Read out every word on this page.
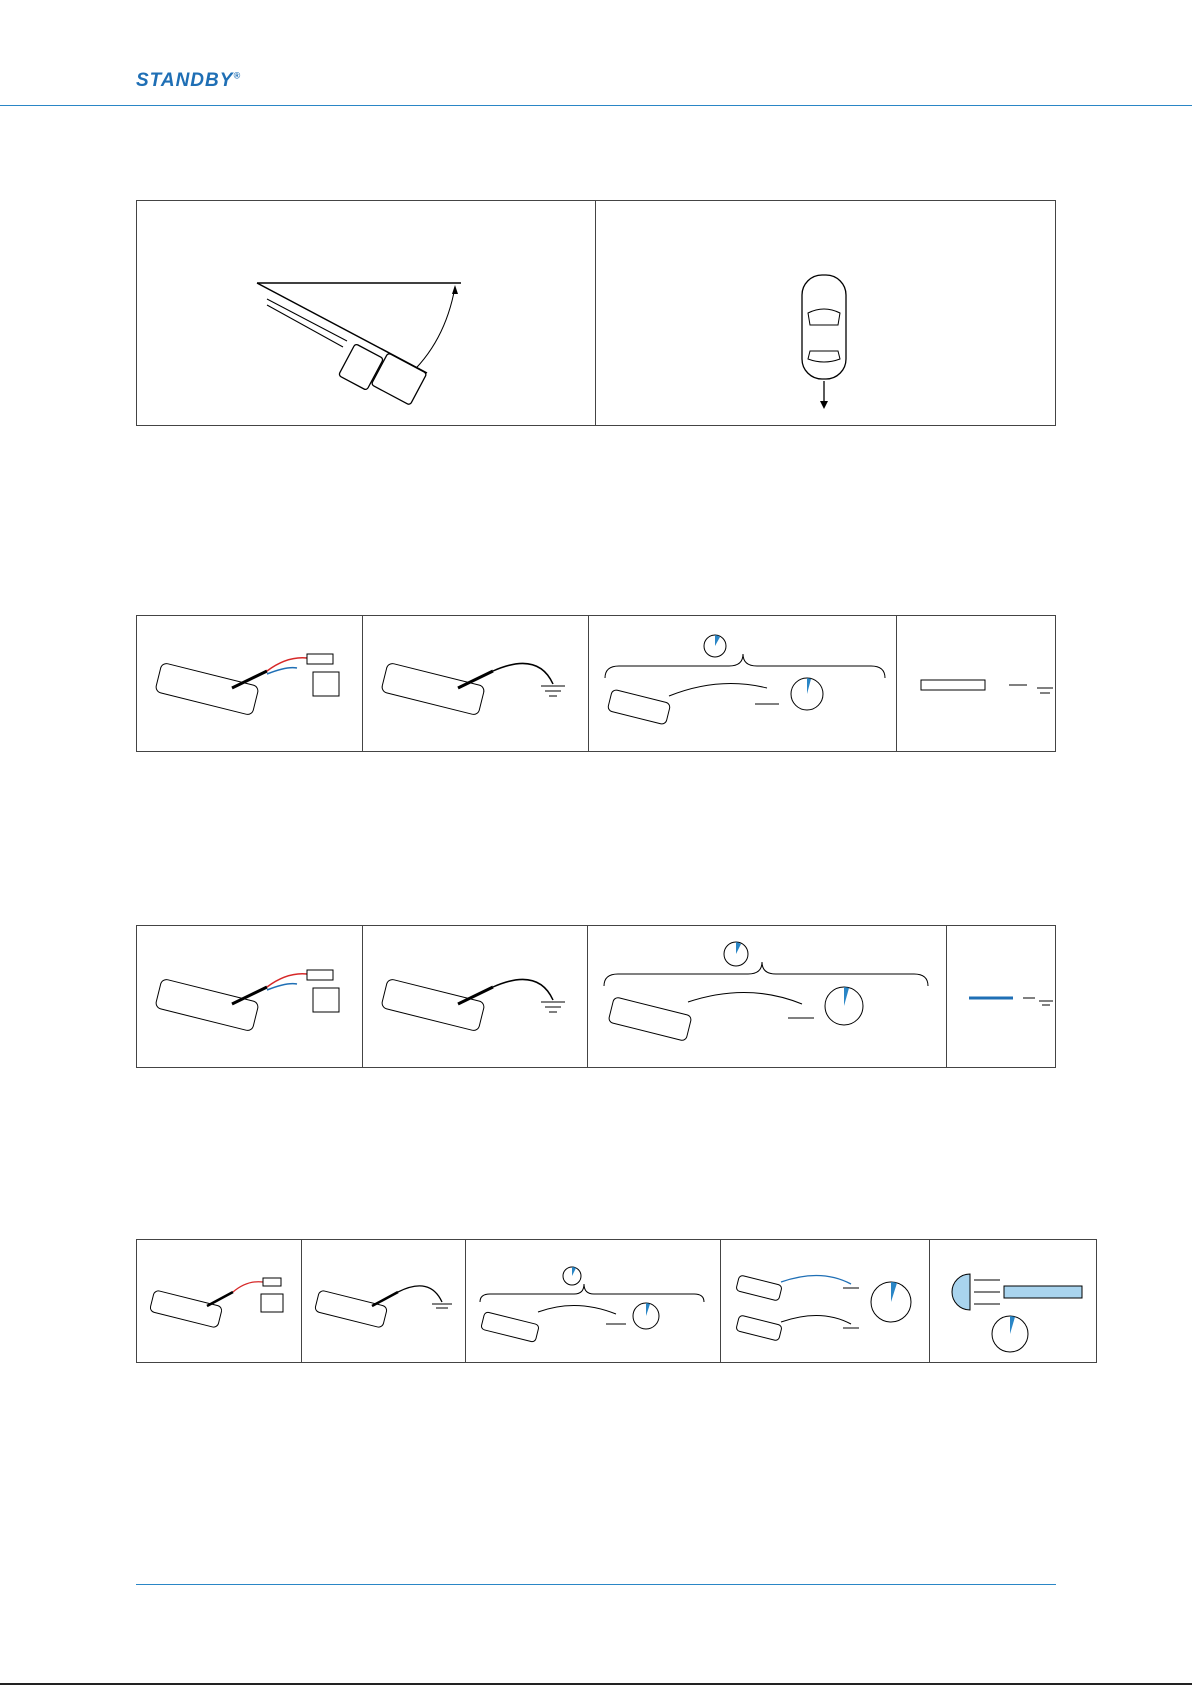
STANDBY®
